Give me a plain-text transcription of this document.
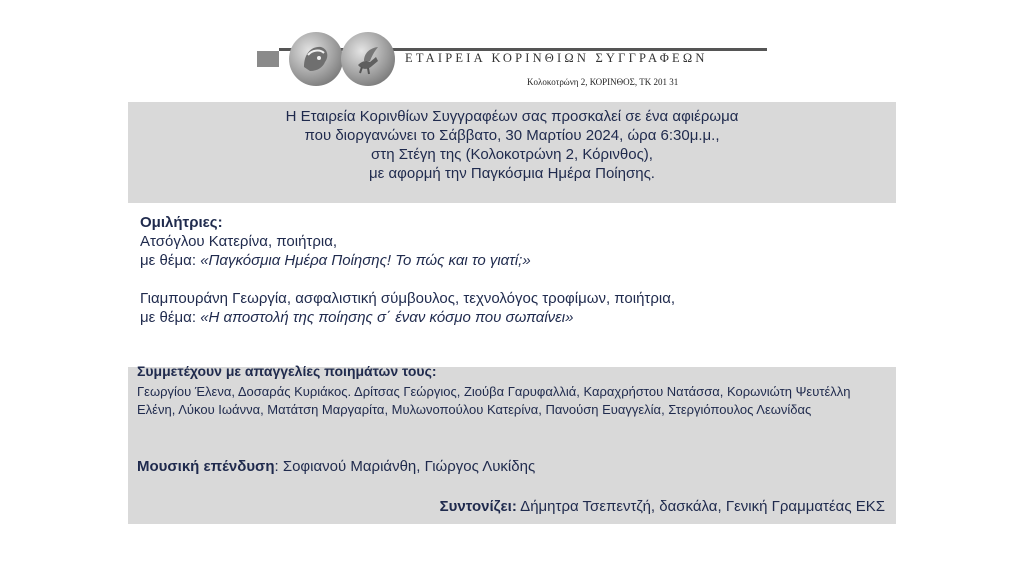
ΕΤΑΙΡΕΙΑ ΚΟΡΙΝΘΙΩΝ ΣΥΓΓΡΑΦΕΩΝ
Κολοκοτρώνη 2, ΚΟΡΙΝΘΟΣ, ΤΚ 201 31
Η Εταιρεία Κορινθίων Συγγραφέων σας προσκαλεί σε ένα αφιέρωμα
που διοργανώνει το Σάββατο, 30 Μαρτίου 2024, ώρα 6:30μ.μ.,
στη Στέγη της (Κολοκοτρώνη 2, Κόρινθος),
με αφορμή την Παγκόσμια Ημέρα Ποίησης.
Ομιλήτριες:
Ατσόγλου Κατερίνα, ποιήτρια,
με θέμα: «Παγκόσμια Ημέρα Ποίησης! Το πώς και το γιατί;»
Γιαμπουράνη Γεωργία, ασφαλιστική σύμβουλος, τεχνολόγος τροφίμων, ποιήτρια,
με θέμα: «Η αποστολή της ποίησης σ΄ έναν κόσμο που σωπαίνει»
Συμμετέχουν με απαγγελίες ποιημάτων τους:
Γεωργίου Έλενα, Δοσαράς Κυριάκος. Δρίτσας Γεώργιος, Ζιούβα Γαρυφαλλιά, Καραχρήστου Νατάσσα, Κορωνιώτη Ψευτέλλη Ελένη, Λύκου Ιωάννα, Ματάτση Μαργαρίτα, Μυλωνοπούλου Κατερίνα, Πανούση Ευαγγελία, Στεργιόπουλος Λεωνίδας
Μουσική επένδυση: Σοφιανού Μαριάνθη, Γιώργος Λυκίδης
Συντονίζει: Δήμητρα Τσεπεντζή, δασκάλα, Γενική Γραμματέας ΕΚΣ
